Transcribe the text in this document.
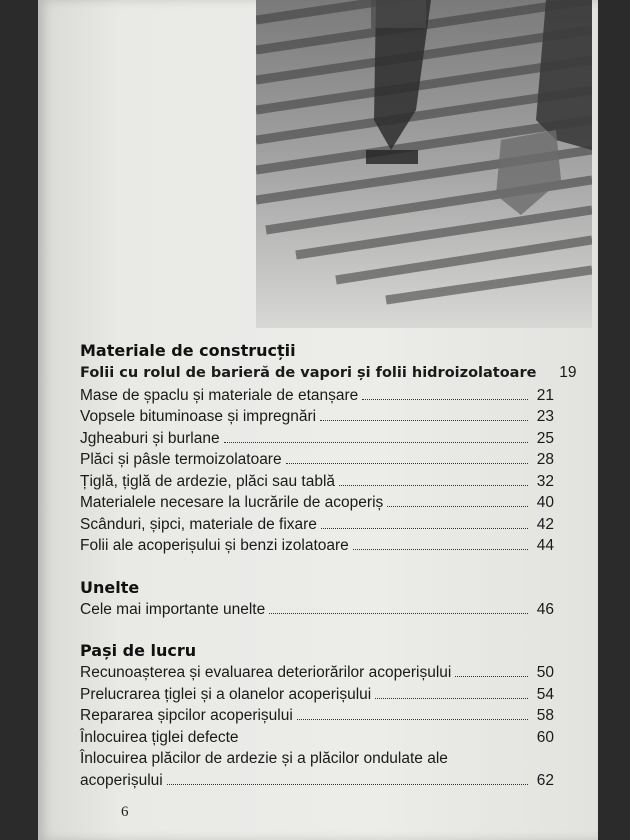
6
Materiale de construcții
Folii cu rolul de barieră de vapori și folii hidroizolatoare	19
Mase de șpaclu și materiale de etanșare	21
Vopsele bituminoase și impregnări	23
Jgheaburi și burlane	25
Plăci și pâsle termoizolatoare	28
Țiglă, țiglă de ardezie, plăci sau tablă	32
Materialele necesare la lucrările de acoperiș	40
Scânduri, șipci, materiale de fixare	42
Folii ale acoperișului și benzi izolatoare	44
Unelte
Cele mai importante unelte	46
Pași de lucru
Recunoașterea și evaluarea deteriorărilor acoperișului	50
Prelucrarea țiglei și a olanelor acoperișului	54
Repararea șipcilor acoperișului	58
Înlocuirea țiglei defecte	60
Înlocuirea plăcilor de ardezie și a plăcilor ondulate ale
acoperișului	62
